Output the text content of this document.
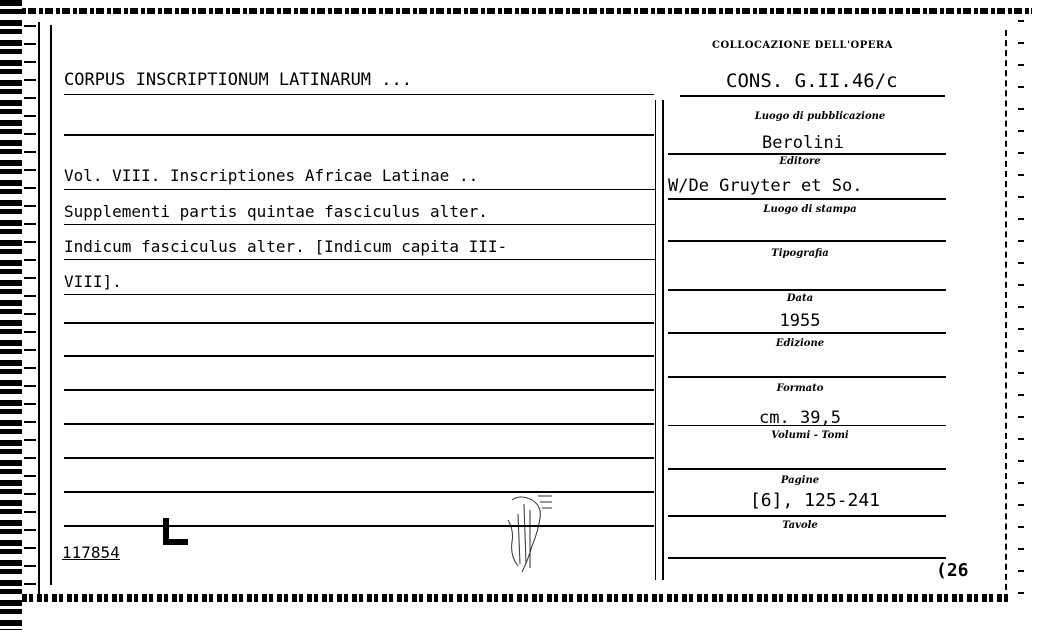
COLLOCAZIONE DELL'OPERA
CONS. G.II.46/c
CORPUS INSCRIPTIONUM LATINARUM ...
Vol. VIII. Inscriptiones Africae Latinae ..
Supplementi partis quintae fasciculus alter.
Indicum fasciculus alter. [Indicum capita III-
VIII].
117854
Luogo di pubblicazione
Berolini
Editore
W/De Gruyter et So.
Luogo di stampa
Tipografia
Data
1955
Edizione
Formato
cm. 39,5
Volumi - Tomi
Pagine
[6], 125-241
Tavole
(26
